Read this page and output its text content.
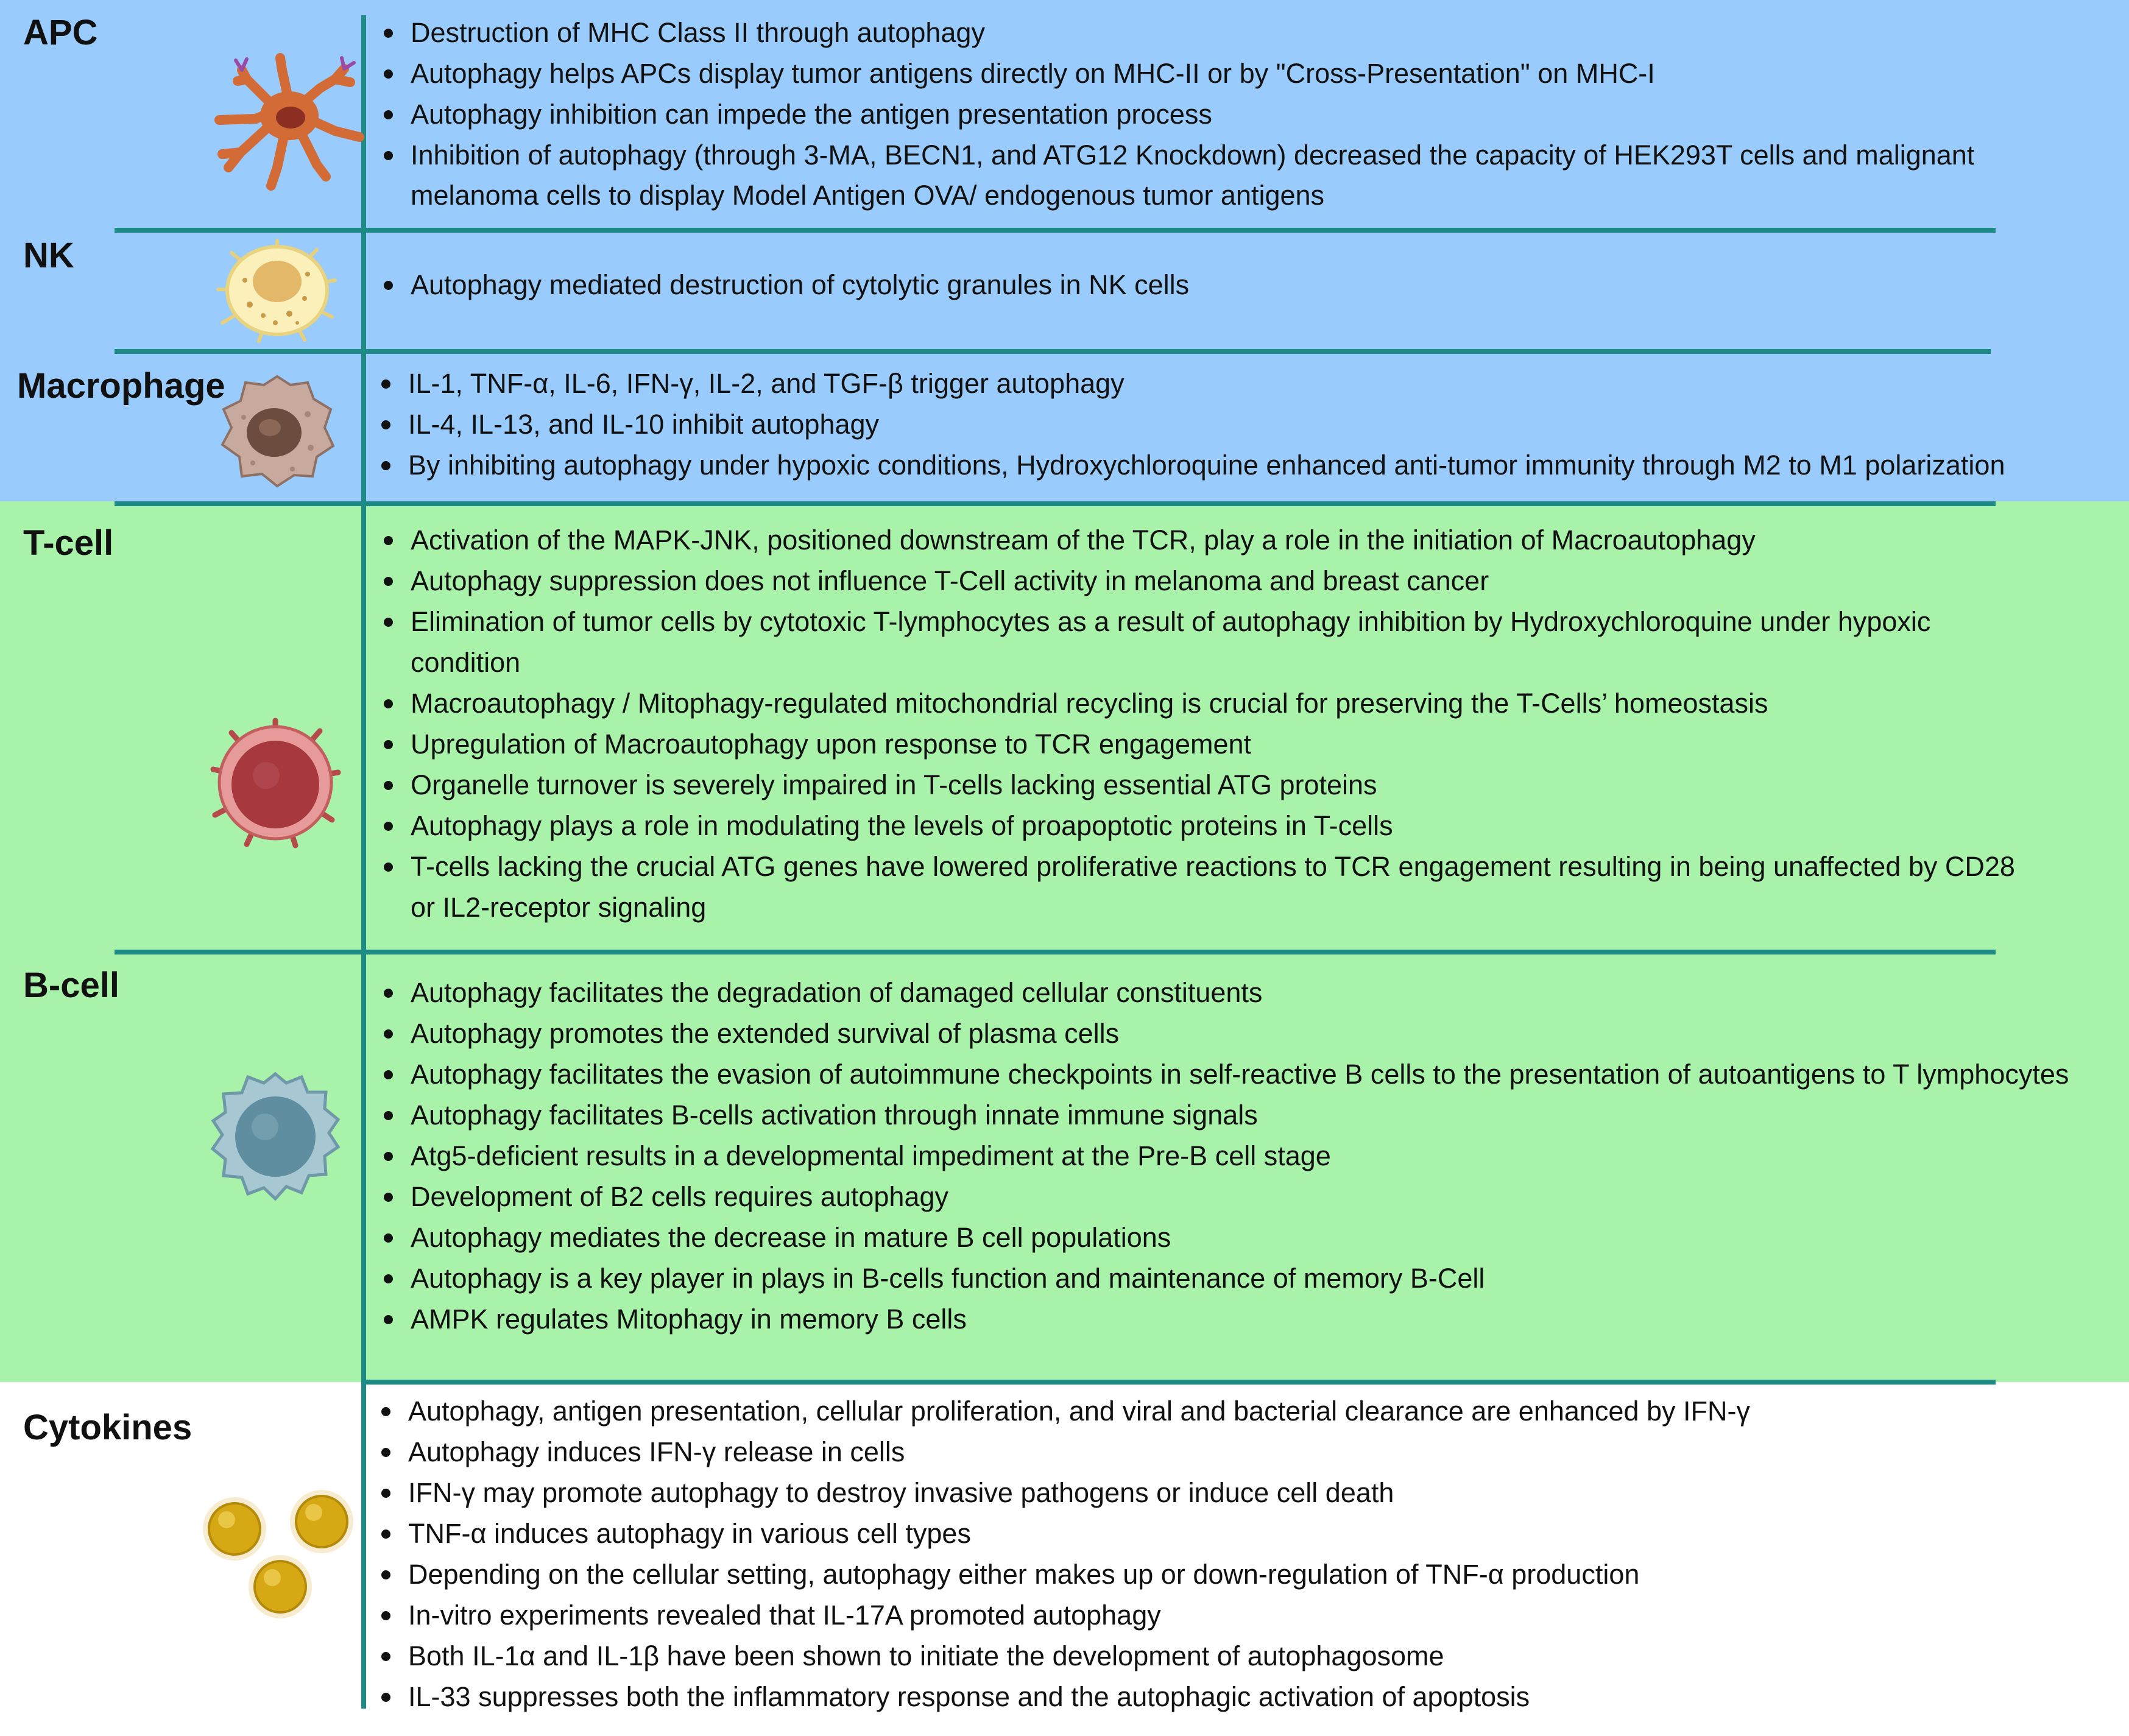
APC	Destruction of MHC Class II through autophagy
Autophagy helps APCs display tumor antigens directly on MHC-II or by "Cross-Presentation" on MHC-I
Autophagy inhibition can impede the antigen presentation process
Inhibition of autophagy (through 3-MA, BECN1, and ATG12 Knockdown) decreased the capacity of HEK293T cells and malignant
melanoma cells to display Model Antigen OVA/ endogenous tumor antigens
NK
Autophagy mediated destruction of cytolytic granules in NK cells
Macrophage	IL-1, TNF-α, IL-6, IFN-γ, IL-2, and TGF-β trigger autophagy
IL-4, IL-13, and IL-10 inhibit autophagy
By inhibiting autophagy under hypoxic conditions, Hydroxychloroquine enhanced anti-tumor immunity through M2 to M1 polarization
T-cell	Activation of the MAPK-JNK, positioned downstream of the TCR, play a role in the initiation of Macroautophagy
Autophagy suppression does not influence T-Cell activity in melanoma and breast cancer
Elimination of tumor cells by cytotoxic T-lymphocytes as a result of autophagy inhibition by Hydroxychloroquine under hypoxic
condition
Macroautophagy / Mitophagy-regulated mitochondrial recycling is crucial for preserving the T-Cells’ homeostasis
Upregulation of Macroautophagy upon response to TCR engagement
Organelle turnover is severely impaired in T-cells lacking essential ATG proteins
Autophagy plays a role in modulating the levels of proapoptotic proteins in T-cells
T-cells lacking the crucial ATG genes have lowered proliferative reactions to TCR engagement resulting in being unaffected by CD28
or IL2-receptor signaling
B-cell	Autophagy facilitates the degradation of damaged cellular constituents
Autophagy promotes the extended survival of plasma cells
Autophagy facilitates the evasion of autoimmune checkpoints in self-reactive B cells to the presentation of autoantigens to T lymphocytes
Autophagy facilitates B-cells activation through innate immune signals
Atg5-deficient results in a developmental impediment at the Pre-B cell stage
Development of B2 cells requires autophagy
Autophagy mediates the decrease in mature B cell populations
Autophagy is a key player in plays in B-cells function and maintenance of memory B-Cell
AMPK regulates Mitophagy in memory B cells
Cytokines	Autophagy, antigen presentation, cellular proliferation, and viral and bacterial clearance are enhanced by IFN-γ
Autophagy induces IFN-γ release in cells
IFN-γ may promote autophagy to destroy invasive pathogens or induce cell death
TNF-α induces autophagy in various cell types
Depending on the cellular setting, autophagy either makes up or down-regulation of TNF-α production
In-vitro experiments revealed that IL-17A promoted autophagy
Both IL-1α and IL-1β have been shown to initiate the development of autophagosome
IL-33 suppresses both the inflammatory response and the autophagic activation of apoptosis
